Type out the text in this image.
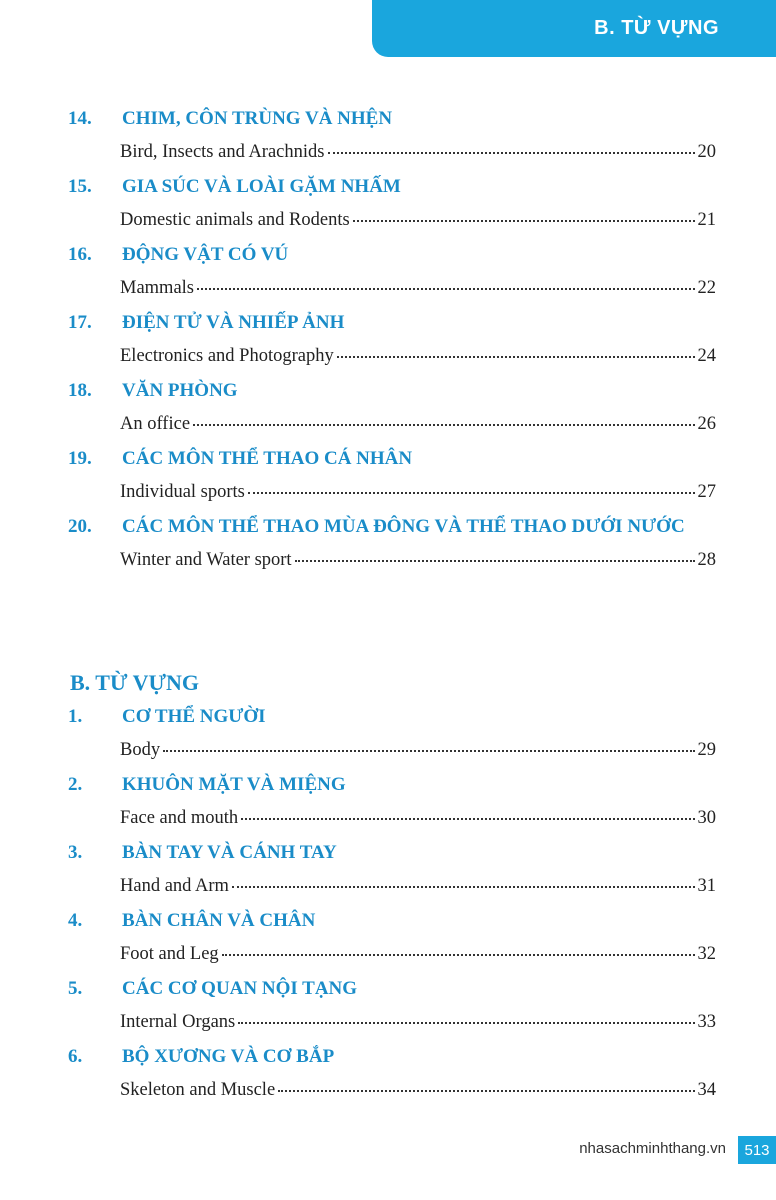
B. TỪ VỰNG
14.	CHIM, CÔN TRÙNG VÀ NHỆN
Bird, Insects and Arachnids	20
15.	GIA SÚC VÀ LOÀI GẶM NHẤM
Domestic animals and Rodents	21
16.	ĐỘNG VẬT CÓ VÚ
Mammals	22
17.	ĐIỆN TỬ VÀ NHIẾP ẢNH
Electronics and Photography	24
18.	VĂN PHÒNG
An office	26
19.	CÁC MÔN THỂ THAO CÁ NHÂN
Individual sports	27
20.	CÁC MÔN THỂ THAO MÙA ĐÔNG VÀ THỂ THAO DƯỚI NƯỚC
Winter and Water sport	28
B. TỪ VỰNG
1.	CƠ THỂ NGƯỜI
Body	29
2.	KHUÔN MẶT VÀ MIỆNG
Face and mouth	30
3.	BÀN TAY VÀ CÁNH TAY
Hand and Arm	31
4.	BÀN CHÂN VÀ CHÂN
Foot and Leg	32
5.	CÁC CƠ QUAN NỘI TẠNG
Internal Organs	33
6.	BỘ XƯƠNG VÀ CƠ BẮP
Skeleton and Muscle	34
nhasachminhthang.vn	513
